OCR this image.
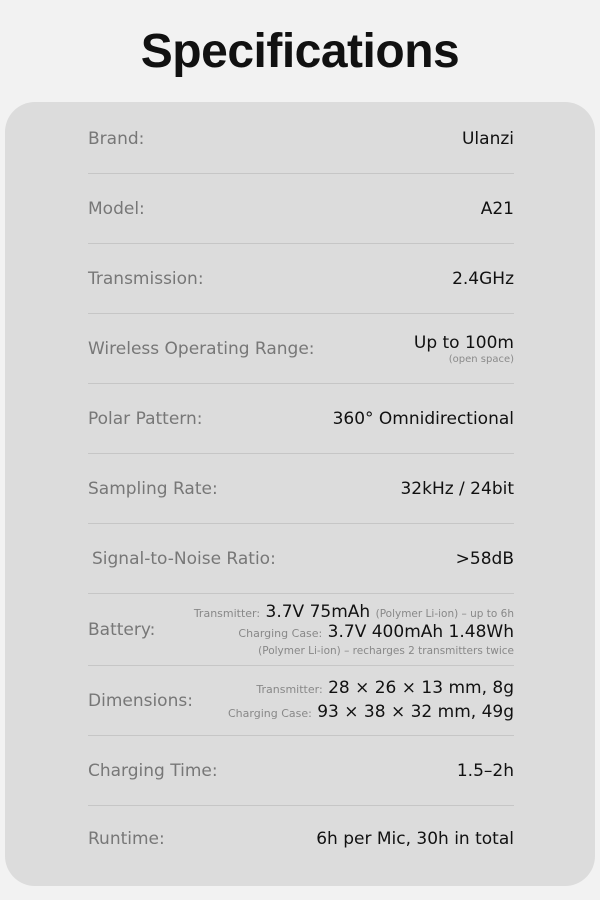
Specifications
Brand:	Ulanzi
Model:	A21
Transmission:	2.4GHz
Wireless Operating Range:	Up to 100m
(open space)
Polar Pattern:	360° Omnidirectional
Sampling Rate:	32kHz / 24bit
Signal-to-Noise Ratio:	>58dB
Battery:
Transmitter: 3.7V 75mAh (Polymer Li-ion) – up to 6h
Charging Case: 3.7V 400mAh 1.48Wh
(Polymer Li-ion) – recharges 2 transmitters twice
Dimensions:
Transmitter: 28 × 26 × 13 mm, 8g
Charging Case: 93 × 38 × 32 mm, 49g
Charging Time:	1.5–2h
Runtime:	6h per Mic, 30h in total
